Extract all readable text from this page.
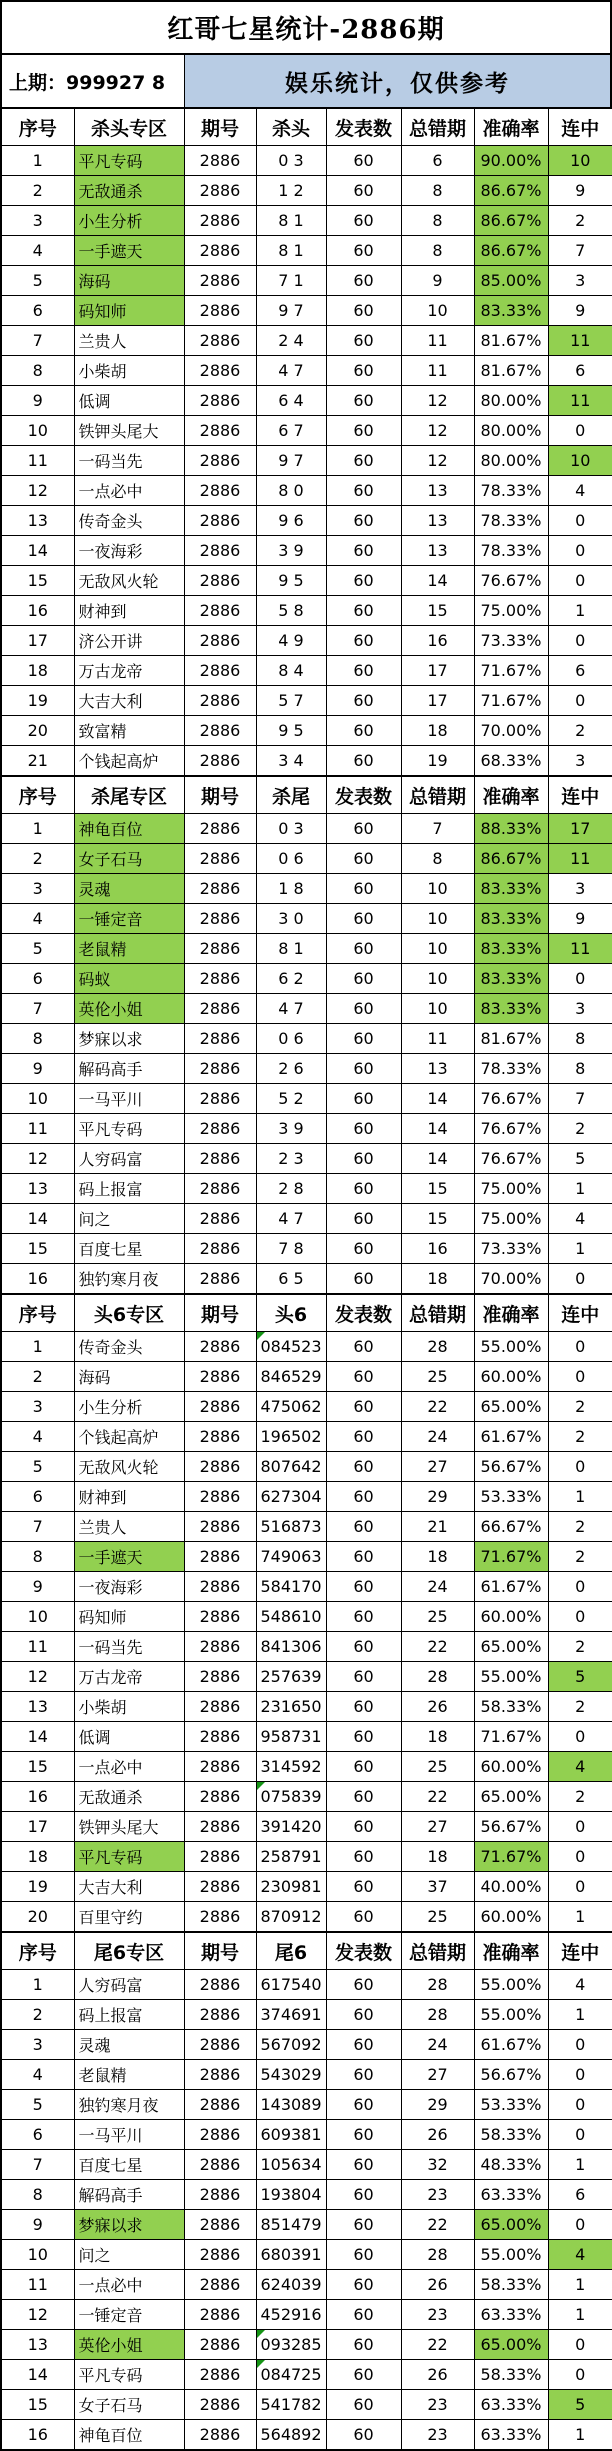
红哥七星统计-2886期
上期：999927 8	娱乐统计，仅供参考
序号	杀头专区	期号	杀头	发表数	总错期	准确率	连中
1	平凡专码	2886	0 3	60	6	90.00%	10
2	无敌通杀	2886	1 2	60	8	86.67%	9
3	小生分析	2886	8 1	60	8	86.67%	2
4	一手遮天	2886	8 1	60	8	86.67%	7
5	海码	2886	7 1	60	9	85.00%	3
6	码知师	2886	9 7	60	10	83.33%	9
7	兰贵人	2886	2 4	60	11	81.67%	11
8	小柴胡	2886	4 7	60	11	81.67%	6
9	低调	2886	6 4	60	12	80.00%	11
10	铁钾头尾大	2886	6 7	60	12	80.00%	0
11	一码当先	2886	9 7	60	12	80.00%	10
12	一点必中	2886	8 0	60	13	78.33%	4
13	传奇金头	2886	9 6	60	13	78.33%	0
14	一夜海彩	2886	3 9	60	13	78.33%	0
15	无敌风火轮	2886	9 5	60	14	76.67%	0
16	财神到	2886	5 8	60	15	75.00%	1
17	济公开讲	2886	4 9	60	16	73.33%	0
18	万古龙帝	2886	8 4	60	17	71.67%	6
19	大吉大利	2886	5 7	60	17	71.67%	0
20	致富精	2886	9 5	60	18	70.00%	2
21	个钱起高炉	2886	3 4	60	19	68.33%	3
序号	杀尾专区	期号	杀尾	发表数	总错期	准确率	连中
1	神龟百位	2886	0 3	60	7	88.33%	17
2	女子石马	2886	0 6	60	8	86.67%	11
3	灵魂	2886	1 8	60	10	83.33%	3
4	一锤定音	2886	3 0	60	10	83.33%	9
5	老鼠精	2886	8 1	60	10	83.33%	11
6	码蚁	2886	6 2	60	10	83.33%	0
7	英伦小姐	2886	4 7	60	10	83.33%	3
8	梦寐以求	2886	0 6	60	11	81.67%	8
9	解码高手	2886	2 6	60	13	78.33%	8
10	一马平川	2886	5 2	60	14	76.67%	7
11	平凡专码	2886	3 9	60	14	76.67%	2
12	人穷码富	2886	2 3	60	14	76.67%	5
13	码上报富	2886	2 8	60	15	75.00%	1
14	问之	2886	4 7	60	15	75.00%	4
15	百度七星	2886	7 8	60	16	73.33%	1
16	独钓寒月夜	2886	6 5	60	18	70.00%	0
序号	头6专区	期号	头6	发表数	总错期	准确率	连中
1	传奇金头	2886	084523	60	28	55.00%	0
2	海码	2886	846529	60	25	60.00%	0
3	小生分析	2886	475062	60	22	65.00%	2
4	个钱起高炉	2886	196502	60	24	61.67%	2
5	无敌风火轮	2886	807642	60	27	56.67%	0
6	财神到	2886	627304	60	29	53.33%	1
7	兰贵人	2886	516873	60	21	66.67%	2
8	一手遮天	2886	749063	60	18	71.67%	2
9	一夜海彩	2886	584170	60	24	61.67%	0
10	码知师	2886	548610	60	25	60.00%	0
11	一码当先	2886	841306	60	22	65.00%	2
12	万古龙帝	2886	257639	60	28	55.00%	5
13	小柴胡	2886	231650	60	26	58.33%	2
14	低调	2886	958731	60	18	71.67%	0
15	一点必中	2886	314592	60	25	60.00%	4
16	无敌通杀	2886	075839	60	22	65.00%	2
17	铁钾头尾大	2886	391420	60	27	56.67%	0
18	平凡专码	2886	258791	60	18	71.67%	0
19	大吉大利	2886	230981	60	37	40.00%	0
20	百里守约	2886	870912	60	25	60.00%	1
序号	尾6专区	期号	尾6	发表数	总错期	准确率	连中
1	人穷码富	2886	617540	60	28	55.00%	4
2	码上报富	2886	374691	60	28	55.00%	1
3	灵魂	2886	567092	60	24	61.67%	0
4	老鼠精	2886	543029	60	27	56.67%	0
5	独钓寒月夜	2886	143089	60	29	53.33%	0
6	一马平川	2886	609381	60	26	58.33%	0
7	百度七星	2886	105634	60	32	48.33%	1
8	解码高手	2886	193804	60	23	63.33%	6
9	梦寐以求	2886	851479	60	22	65.00%	0
10	问之	2886	680391	60	28	55.00%	4
11	一点必中	2886	624039	60	26	58.33%	1
12	一锤定音	2886	452916	60	23	63.33%	1
13	英伦小姐	2886	093285	60	22	65.00%	0
14	平凡专码	2886	084725	60	26	58.33%	0
15	女子石马	2886	541782	60	23	63.33%	5
16	神龟百位	2886	564892	60	23	63.33%	1
